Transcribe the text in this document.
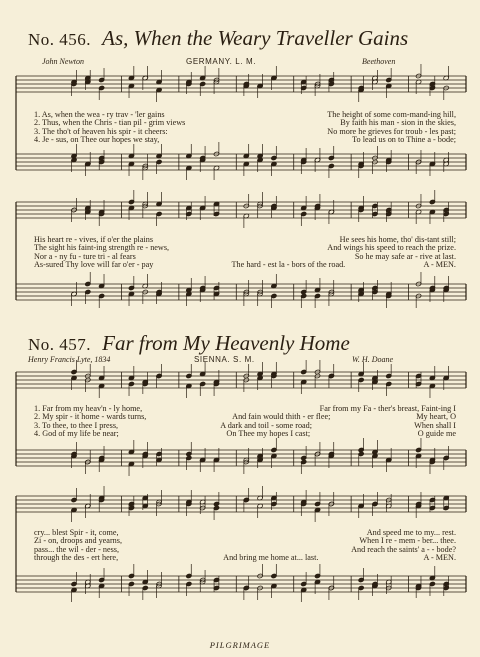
No. 456. As, When the Weary Traveller Gains
John Newton	GERMANY. L. M.	Beethoven
1. As, when the wea - ry trav - 'ler gains	The height of some com-mand-ing hill,
2. Thus, when the Chris - tian pil - grim views	By faith his man - sion in the skies,
3. The tho't of heaven his spir - it cheers:	No more he grieves for troub - les past;
4. Je - sus, on Thee our hopes we stay,	To lead us on to Thine a - bode;
His heart re - vives, if o'er the plains	He sees his home, tho' dis-tant still;
The sight his faint-ing strength re - news,	And wings his speed to reach the prize.
Nor a - ny fu - ture tri - al fears	So he may safe ar - rive at last.
As-sured Thy love will far o'er - pay	The hard - est la - bors of the road.	A - MEN.
No. 457. Far from My Heavenly Home
Henry Francis Lyte, 1834	SIENNA. S. M.	W. H. Doane
1. Far from my heav'n - ly home,	Far from my Fa - ther's breast, Faint-ing I
2. My spir - it home - wards turns,	And fain would thith - er flee;	My heart, O
3. To thee, to thee I press,	A dark and toil - some road;	When shall I
4. God of my life be near;	On Thee my hopes I cast;	O guide me
cry... blest Spir - it, come,	And speed me to my... rest.
Zi - on, droops and yearns,	When I re - mem - ber... thee.
pass... the wil - der - ness,	And reach the saints' a - - bode?
through the des - ert here,	And bring me home at... last.	A - MEN.
PILGRIMAGE
